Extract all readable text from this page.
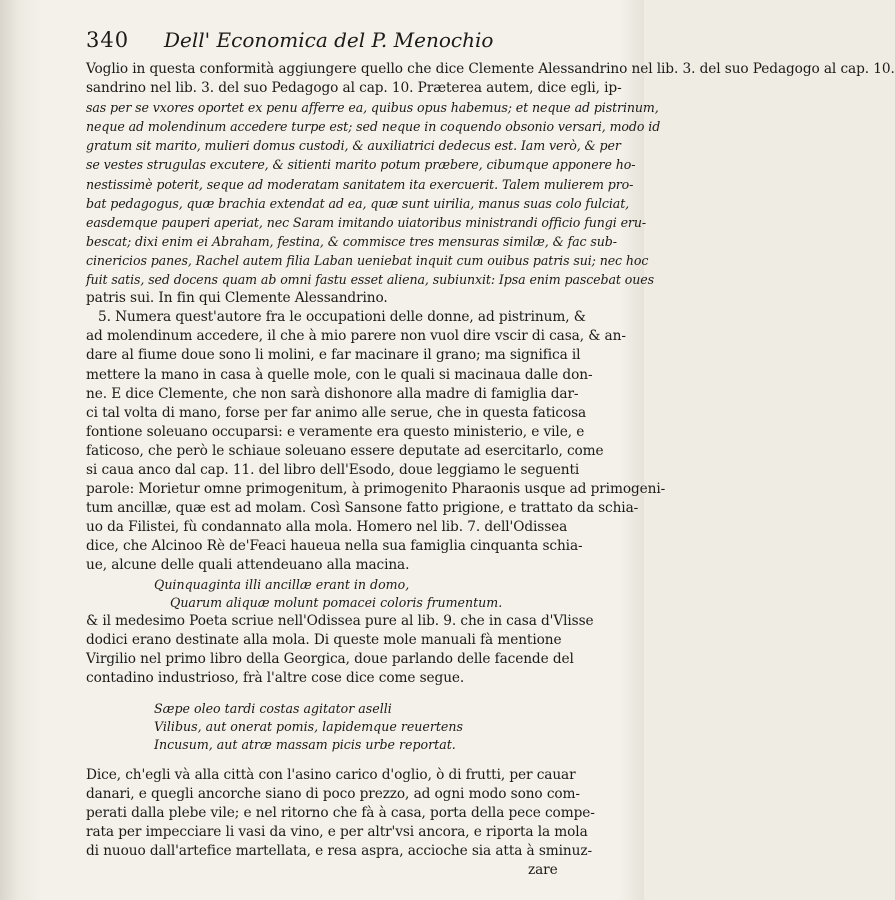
340 Dell' Economica del P. Menochio
Voglio in questa conformità aggiungere quello che dice Clemente Alessandrino nel lib. 3. del suo Pedagogo al cap. 10.
sandrino nel lib. 3. del suo Pedagogo al cap. 10. Præterea autem, dice egli, ip-
sas per se vxores oportet ex penu afferre ea, quibus opus habemus; et neque ad pistrinum,
neque ad molendinum accedere turpe est; sed neque in coquendo obsonio versari, modo id
gratum sit marito, mulieri domus custodi, & auxiliatrici dedecus est. Iam verò, & per
se vestes strugulas excutere, & sitienti marito potum præbere, cibumque apponere ho-
nestissimè poterit, seque ad moderatam sanitatem ita exercuerit. Talem mulierem pro-
bat pedagogus, quæ brachia extendat ad ea, quæ sunt uirilia, manus suas colo fulciat,
easdemque pauperi aperiat, nec Saram imitando uiatoribus ministrandi officio fungi eru-
bescat; dixi enim ei Abraham, festina, & commisce tres mensuras similæ, & fac sub-
cinericios panes, Rachel autem filia Laban ueniebat inquit cum ouibus patris sui; nec hoc
fuit satis, sed docens quam ab omni fastu esset aliena, subiunxit: Ipsa enim pascebat oues
patris sui. In fin qui Clemente Alessandrino.
5. Numera quest'autore fra le occupationi delle donne, ad pistrinum, &
ad molendinum accedere, il che à mio parere non vuol dire vscir di casa, & an-
dare al fiume doue sono li molini, e far macinare il grano; ma significa il
mettere la mano in casa à quelle mole, con le quali si macinaua dalle don-
ne. E dice Clemente, che non sarà dishonore alla madre di famiglia dar-
ci tal volta di mano, forse per far animo alle serue, che in questa faticosa
fontione soleuano occuparsi: e veramente era questo ministerio, e vile, e
faticoso, che però le schiaue soleuano essere deputate ad esercitarlo, come
si caua anco dal cap. 11. del libro dell'Esodo, doue leggiamo le seguenti
parole: Morietur omne primogenitum, à primogenito Pharaonis usque ad primogeni-
tum ancillæ, quæ est ad molam. Così Sansone fatto prigione, e trattato da schia-
uo da Filistei, fù condannato alla mola. Homero nel lib. 7. dell'Odissea
dice, che Alcinoo Rè de'Feaci haueua nella sua famiglia cinquanta schia-
ue, alcune delle quali attendeuano alla macina.
Quinquaginta illi ancillæ erant in domo,
Quarum aliquæ molunt pomacei coloris frumentum.
& il medesimo Poeta scriue nell'Odissea pure al lib. 9. che in casa d'Vlisse
dodici erano destinate alla mola. Di queste mole manuali fà mentione
Virgilio nel primo libro della Georgica, doue parlando delle facende del
contadino industrioso, frà l'altre cose dice come segue.
Sæpe oleo tardi costas agitator aselli
Vilibus, aut onerat pomis, lapidemque reuertens
Incusum, aut atræ massam picis urbe reportat.
Dice, ch'egli và alla città con l'asino carico d'oglio, ò di frutti, per cauar
danari, e quegli ancorche siano di poco prezzo, ad ogni modo sono com-
perati dalla plebe vile; e nel ritorno che fà à casa, porta della pece compe-
rata per impecciare li vasi da vino, e per altr'vsi ancora, e riporta la mola
di nuouo dall'artefice martellata, e resa aspra, accioche sia atta à sminuz-
zare
